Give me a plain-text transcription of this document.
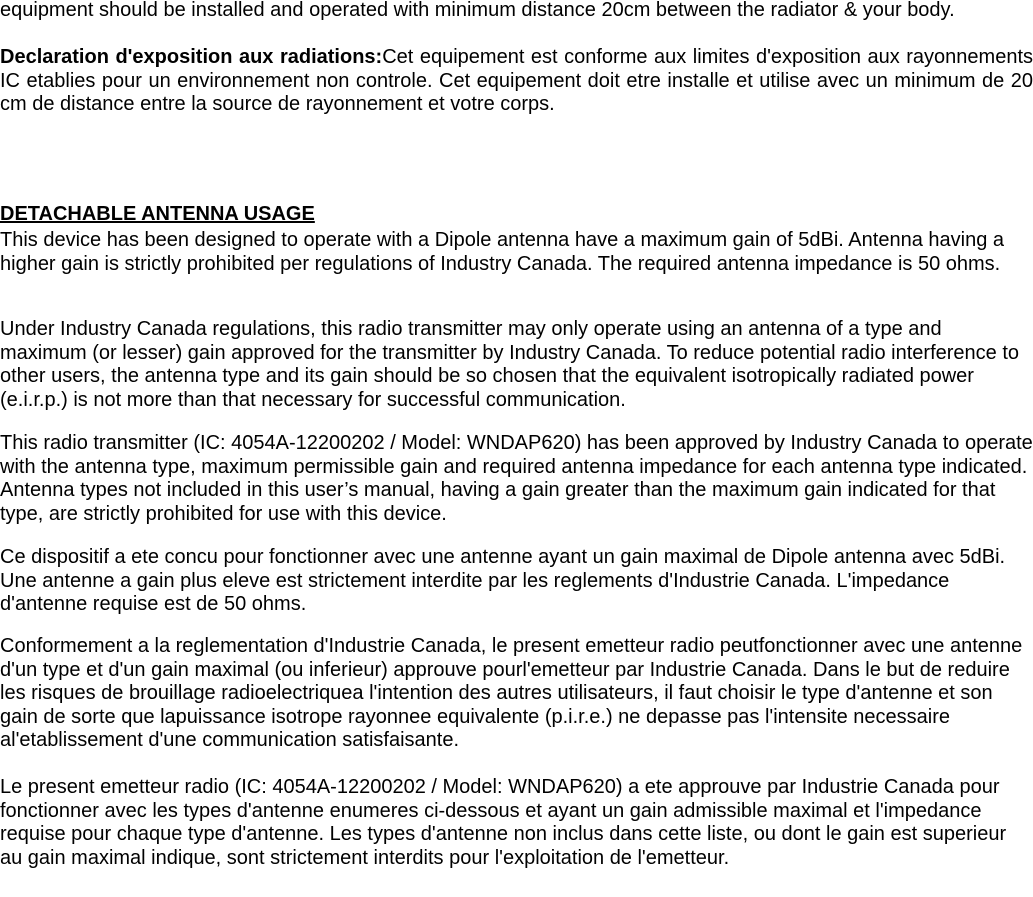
equipment should be installed and operated with minimum distance 20cm between the radiator & your body.

Declaration d'exposition aux radiations:Cet equipement est conforme aux limites d'exposition aux rayonnements IC etablies pour un environnement non controle. Cet equipement doit etre installe et utilise avec un minimum de 20 cm de distance entre la source de rayonnement et votre corps.

DETACHABLE ANTENNA USAGE

This device has been designed to operate with a Dipole antenna have a maximum gain of 5dBi. Antenna having a higher gain is strictly prohibited per regulations of Industry Canada. The required antenna impedance is 50 ohms.

Under Industry Canada regulations, this radio transmitter may only operate using an antenna of a type and maximum (or lesser) gain approved for the transmitter by Industry Canada. To reduce potential radio interference to other users, the antenna type and its gain should be so chosen that the equivalent isotropically radiated power (e.i.r.p.) is not more than that necessary for successful communication.

This radio transmitter (IC: 4054A-12200202 / Model: WNDAP620) has been approved by Industry Canada to operate with the antenna type, maximum permissible gain and required antenna impedance for each antenna type indicated. Antenna types not included in this user’s manual, having a gain greater than the maximum gain indicated for that type, are strictly prohibited for use with this device.

Ce dispositif a ete concu pour fonctionner avec une antenne ayant un gain maximal de Dipole antenna avec 5dBi. Une antenne a gain plus eleve est strictement interdite par les reglements d'Industrie Canada. L'impedance d'antenne requise est de 50 ohms.

Conformement a la reglementation d'Industrie Canada, le present emetteur radio peutfonctionner avec une antenne d'un type et d'un gain maximal (ou inferieur) approuve pourl'emetteur par Industrie Canada. Dans le but de reduire les risques de brouillage radioelectriquea l'intention des autres utilisateurs, il faut choisir le type d'antenne et son gain de sorte que lapuissance isotrope rayonnee equivalente (p.i.r.e.) ne depasse pas l'intensite necessaire al'etablissement d'une communication satisfaisante.

Le present emetteur radio (IC: 4054A-12200202 / Model: WNDAP620) a ete approuve par Industrie Canada pour fonctionner avec les types d'antenne enumeres ci-dessous et ayant un gain admissible maximal et l'impedance requise pour chaque type d'antenne. Les types d'antenne non inclus dans cette liste, ou dont le gain est superieur au gain maximal indique, sont strictement interdits pour l'exploitation de l'emetteur.
